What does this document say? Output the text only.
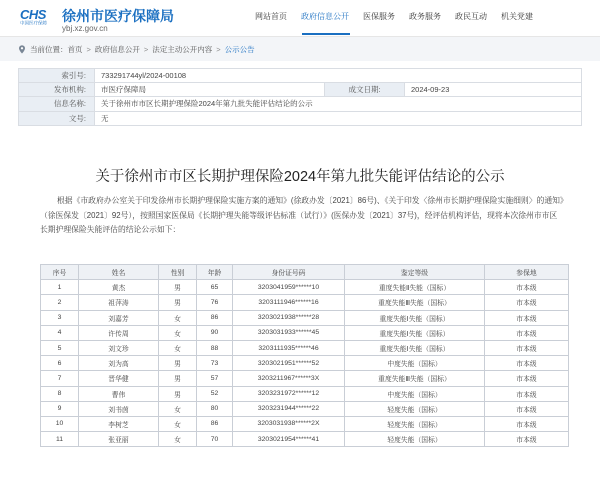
CHS
中国医疗保障 徐州市医疗保障局
ybj.xz.gov.cn
网站首页	政府信息公开	医保服务	政务服务	政民互动	机关党建
当前位置： 首页 > 政府信息公开 > 法定主动公开内容 > 公示公告
索引号:	733291744yl/2024-00108		
发布机构:	市医疗保障局	成文日期:	2024-09-23
信息名称:	关于徐州市市区长期护理保险2024年第九批失能评估结论的公示		
文号:	无		
关于徐州市市区长期护理保险2024年第九批失能评估结论的公示
根据《市政府办公室关于印发徐州市长期护理保险实施方案的通知》(徐政办发〔2021〕86号)、《关于印发〈徐州市长期护理保险实施细则〉的通知》（徐医保发〔2021〕92号），按照国家医保局《长期护理失能等级评估标准（试行）》(医保办发〔2021〕37号)，经评估机构评估，现将本次徐州市市区长期护理保险失能评估的结论公示如下：
序号	姓名	性别	年龄	身份证号码	鉴定等级	参保地
1	黄杰	男	65	3203041959******10	重度失能Ⅱ失能（国标）	市本级
2	祖萍涛	男	76	3203111946******16	重度失能Ⅲ失能（国标）	市本级
3	刘嘉芳	女	86	3203021938******28	重度失能Ⅰ失能（国标）	市本级
4	许传周	女	90	3203031933******45	重度失能Ⅰ失能（国标）	市本级
5	刘文珍	女	88	3203111935******46	重度失能Ⅰ失能（国标）	市本级
6	刘为高	男	73	3203021951******52	中度失能（国标）	市本级
7	晋华健	男	57	3203211967******3X	重度失能Ⅲ失能（国标）	市本级
8	曹伟	男	52	3203231972******12	中度失能（国标）	市本级
9	刘书茵	女	80	3203231944******22	轻度失能（国标）	市本级
10	李树芝	女	86	3203031938******2X	轻度失能（国标）	市本级
11	张亚丽	女	70	3203021954******41	轻度失能（国标）	市本级
